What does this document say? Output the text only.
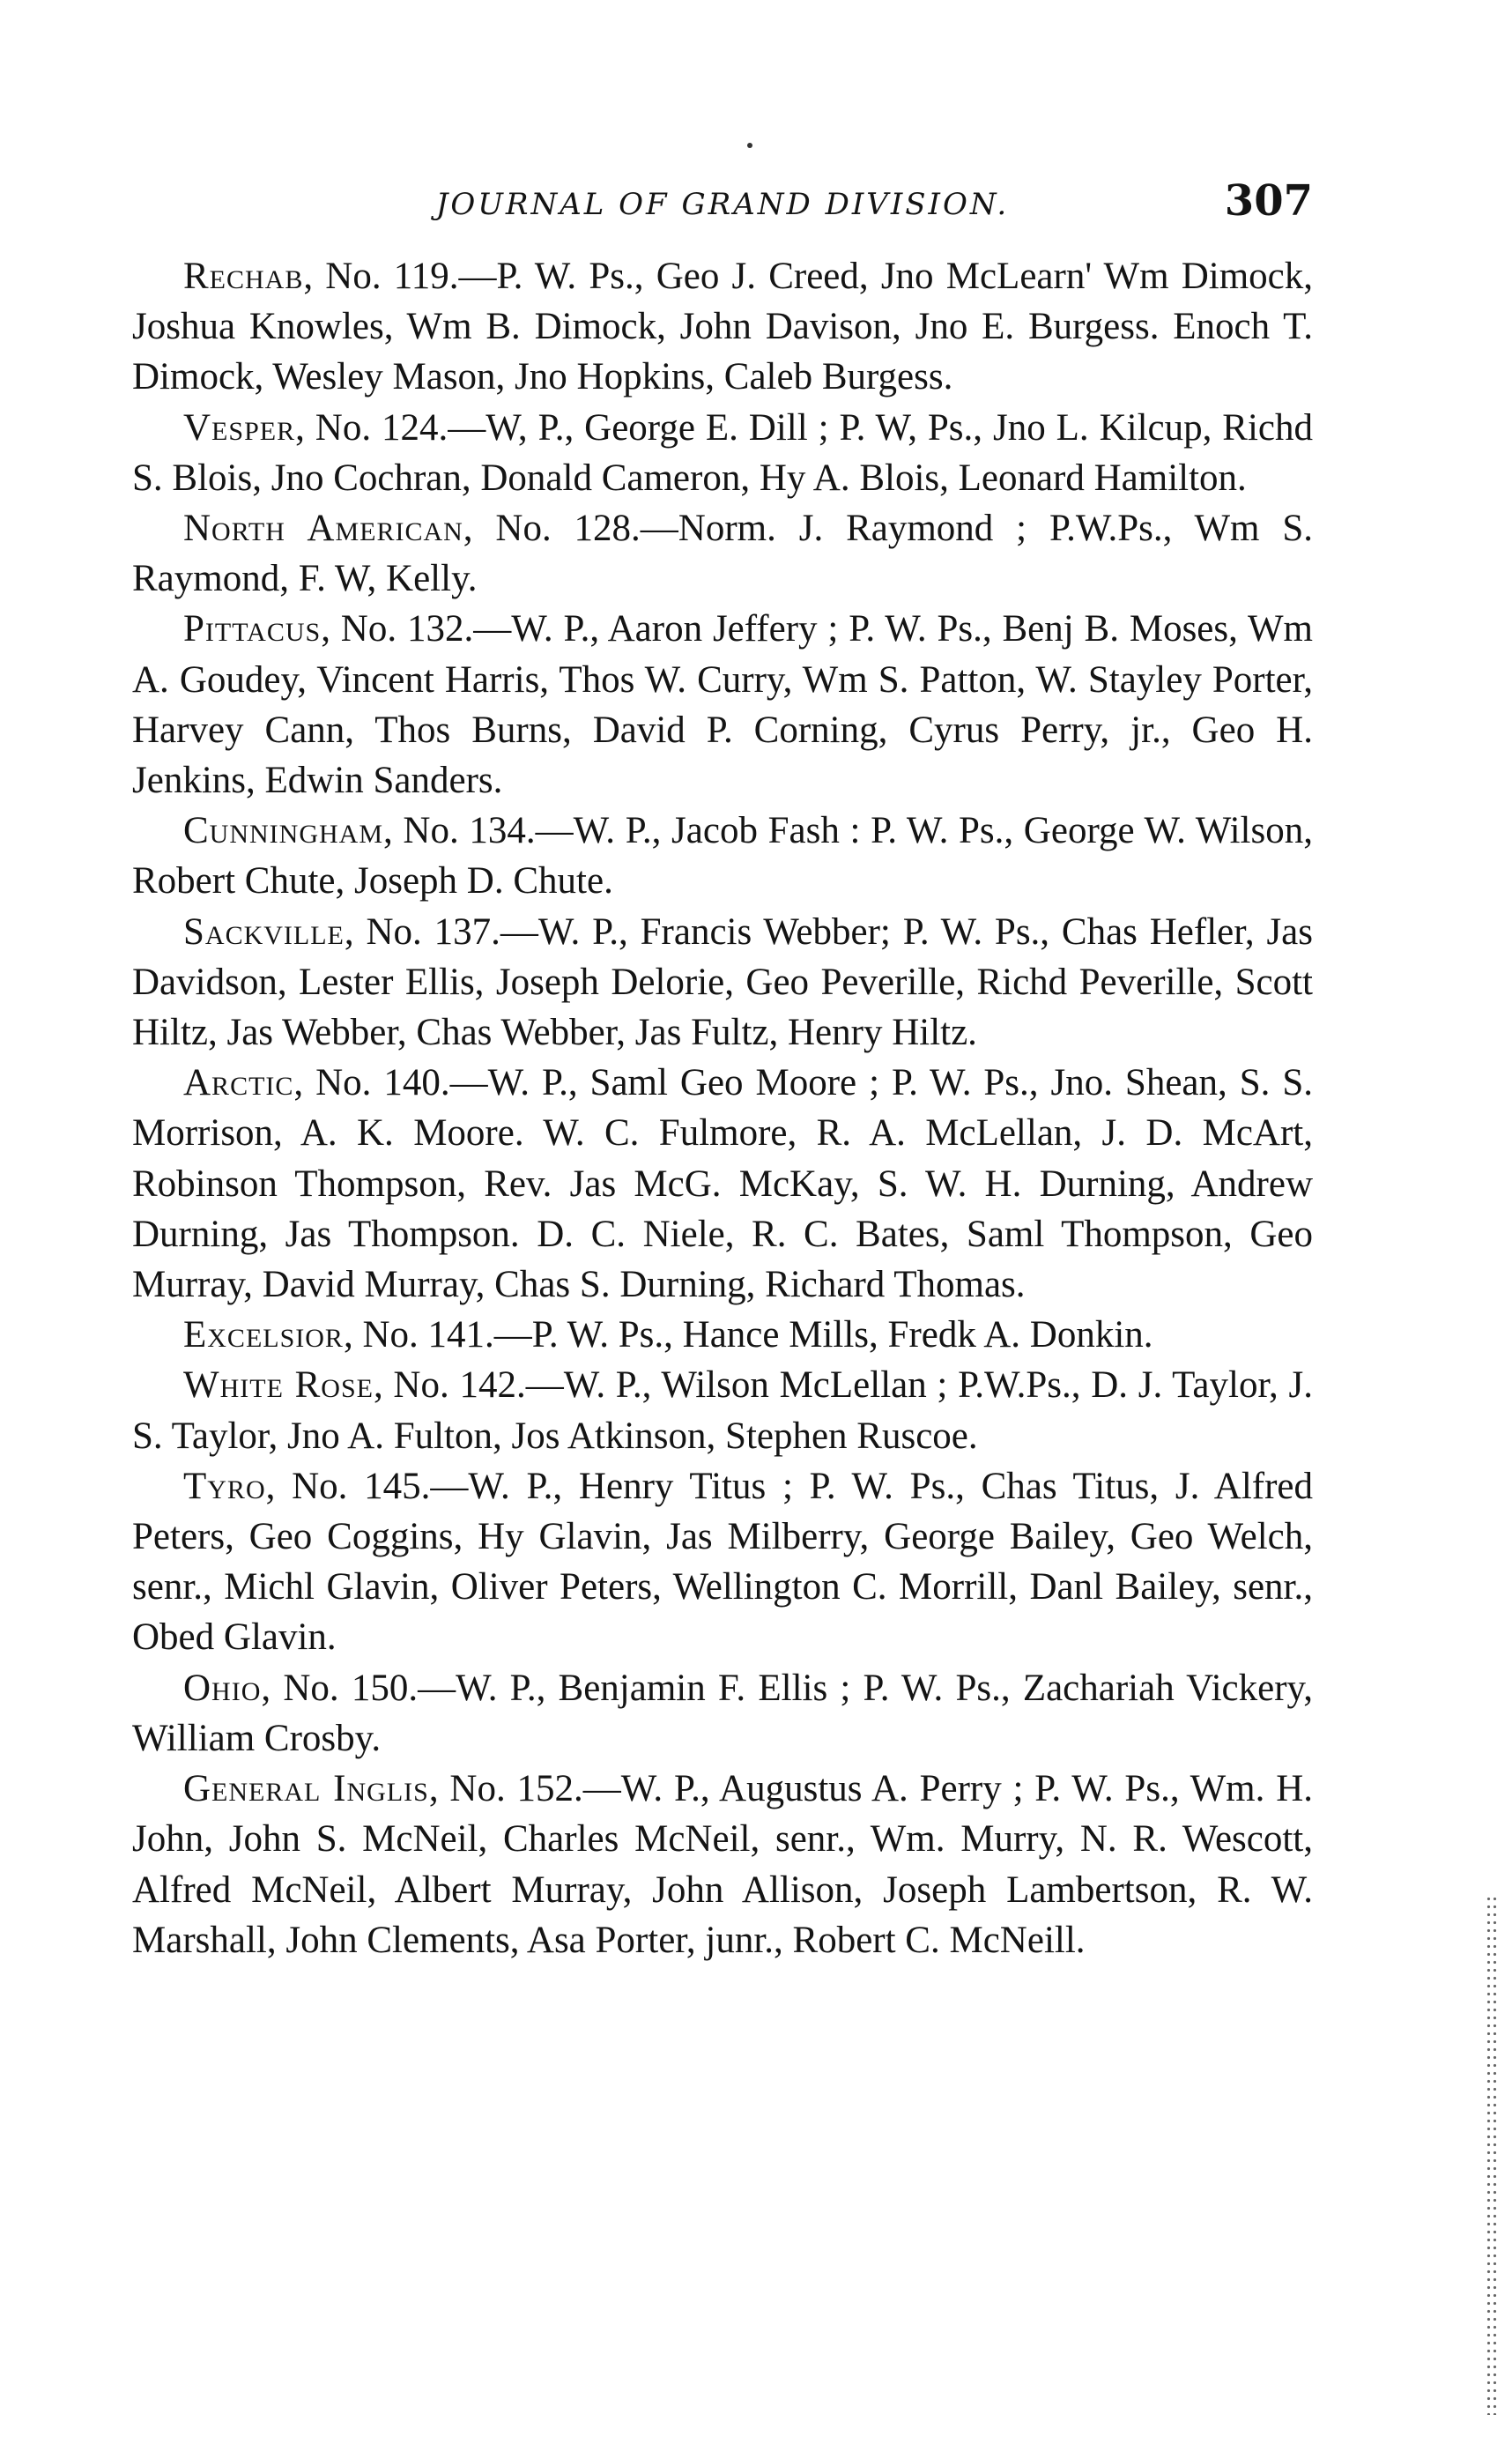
JOURNAL OF GRAND DIVISION.	307

Rechab, No. 119.—P. W. Ps., Geo J. Creed, Jno McLearn' Wm Dimock, Joshua Knowles, Wm B. Dimock, John Davison, Jno E. Burgess. Enoch T. Dimock, Wesley Mason, Jno Hopkins, Caleb Burgess.

Vesper, No. 124.—W, P., George E. Dill ; P. W, Ps., Jno L. Kilcup, Richd S. Blois, Jno Cochran, Donald Cameron, Hy A. Blois, Leonard Hamilton.

North American, No. 128.—Norm. J. Raymond ; P.W.Ps., Wm S. Raymond, F. W, Kelly.

Pittacus, No. 132.—W. P., Aaron Jeffery ; P. W. Ps., Benj B. Moses, Wm A. Goudey, Vincent Harris, Thos W. Curry, Wm S. Patton, W. Stayley Porter, Harvey Cann, Thos Burns, David P. Corning, Cyrus Perry, jr., Geo H. Jenkins, Edwin Sanders.

Cunningham, No. 134.—W. P., Jacob Fash : P. W. Ps., George W. Wilson, Robert Chute, Joseph D. Chute.

Sackville, No. 137.—W. P., Francis Webber; P. W. Ps., Chas Hefler, Jas Davidson, Lester Ellis, Joseph Delorie, Geo Peverille, Richd Peverille, Scott Hiltz, Jas Webber, Chas Webber, Jas Fultz, Henry Hiltz.

Arctic, No. 140.—W. P., Saml Geo Moore ; P. W. Ps., Jno. Shean, S. S. Morrison, A. K. Moore. W. C. Fulmore, R. A. McLellan, J. D. McArt, Robinson Thompson, Rev. Jas McG. McKay, S. W. H. Durning, Andrew Durning, Jas Thompson. D. C. Niele, R. C. Bates, Saml Thompson, Geo Murray, David Murray, Chas S. Durning, Richard Thomas.

Excelsior, No. 141.—P. W. Ps., Hance Mills, Fredk A. Donkin.

White Rose, No. 142.—W. P., Wilson McLellan ; P.W.Ps., D. J. Taylor, J. S. Taylor, Jno A. Fulton, Jos Atkinson, Stephen Ruscoe.

Tyro, No. 145.—W. P., Henry Titus ; P. W. Ps., Chas Titus, J. Alfred Peters, Geo Coggins, Hy Glavin, Jas Milberry, George Bailey, Geo Welch, senr., Michl Glavin, Oliver Peters, Wellington C. Morrill, Danl Bailey, senr., Obed Glavin.

Ohio, No. 150.—W. P., Benjamin F. Ellis ; P. W. Ps., Zachariah Vickery, William Crosby.

General Inglis, No. 152.—W. P., Augustus A. Perry ; P. W. Ps., Wm. H. John, John S. McNeil, Charles McNeil, senr., Wm. Murry, N. R. Wescott, Alfred McNeil, Albert Murray, John Allison, Joseph Lambertson, R. W. Marshall, John Clements, Asa Porter, junr., Robert C. McNeill.
